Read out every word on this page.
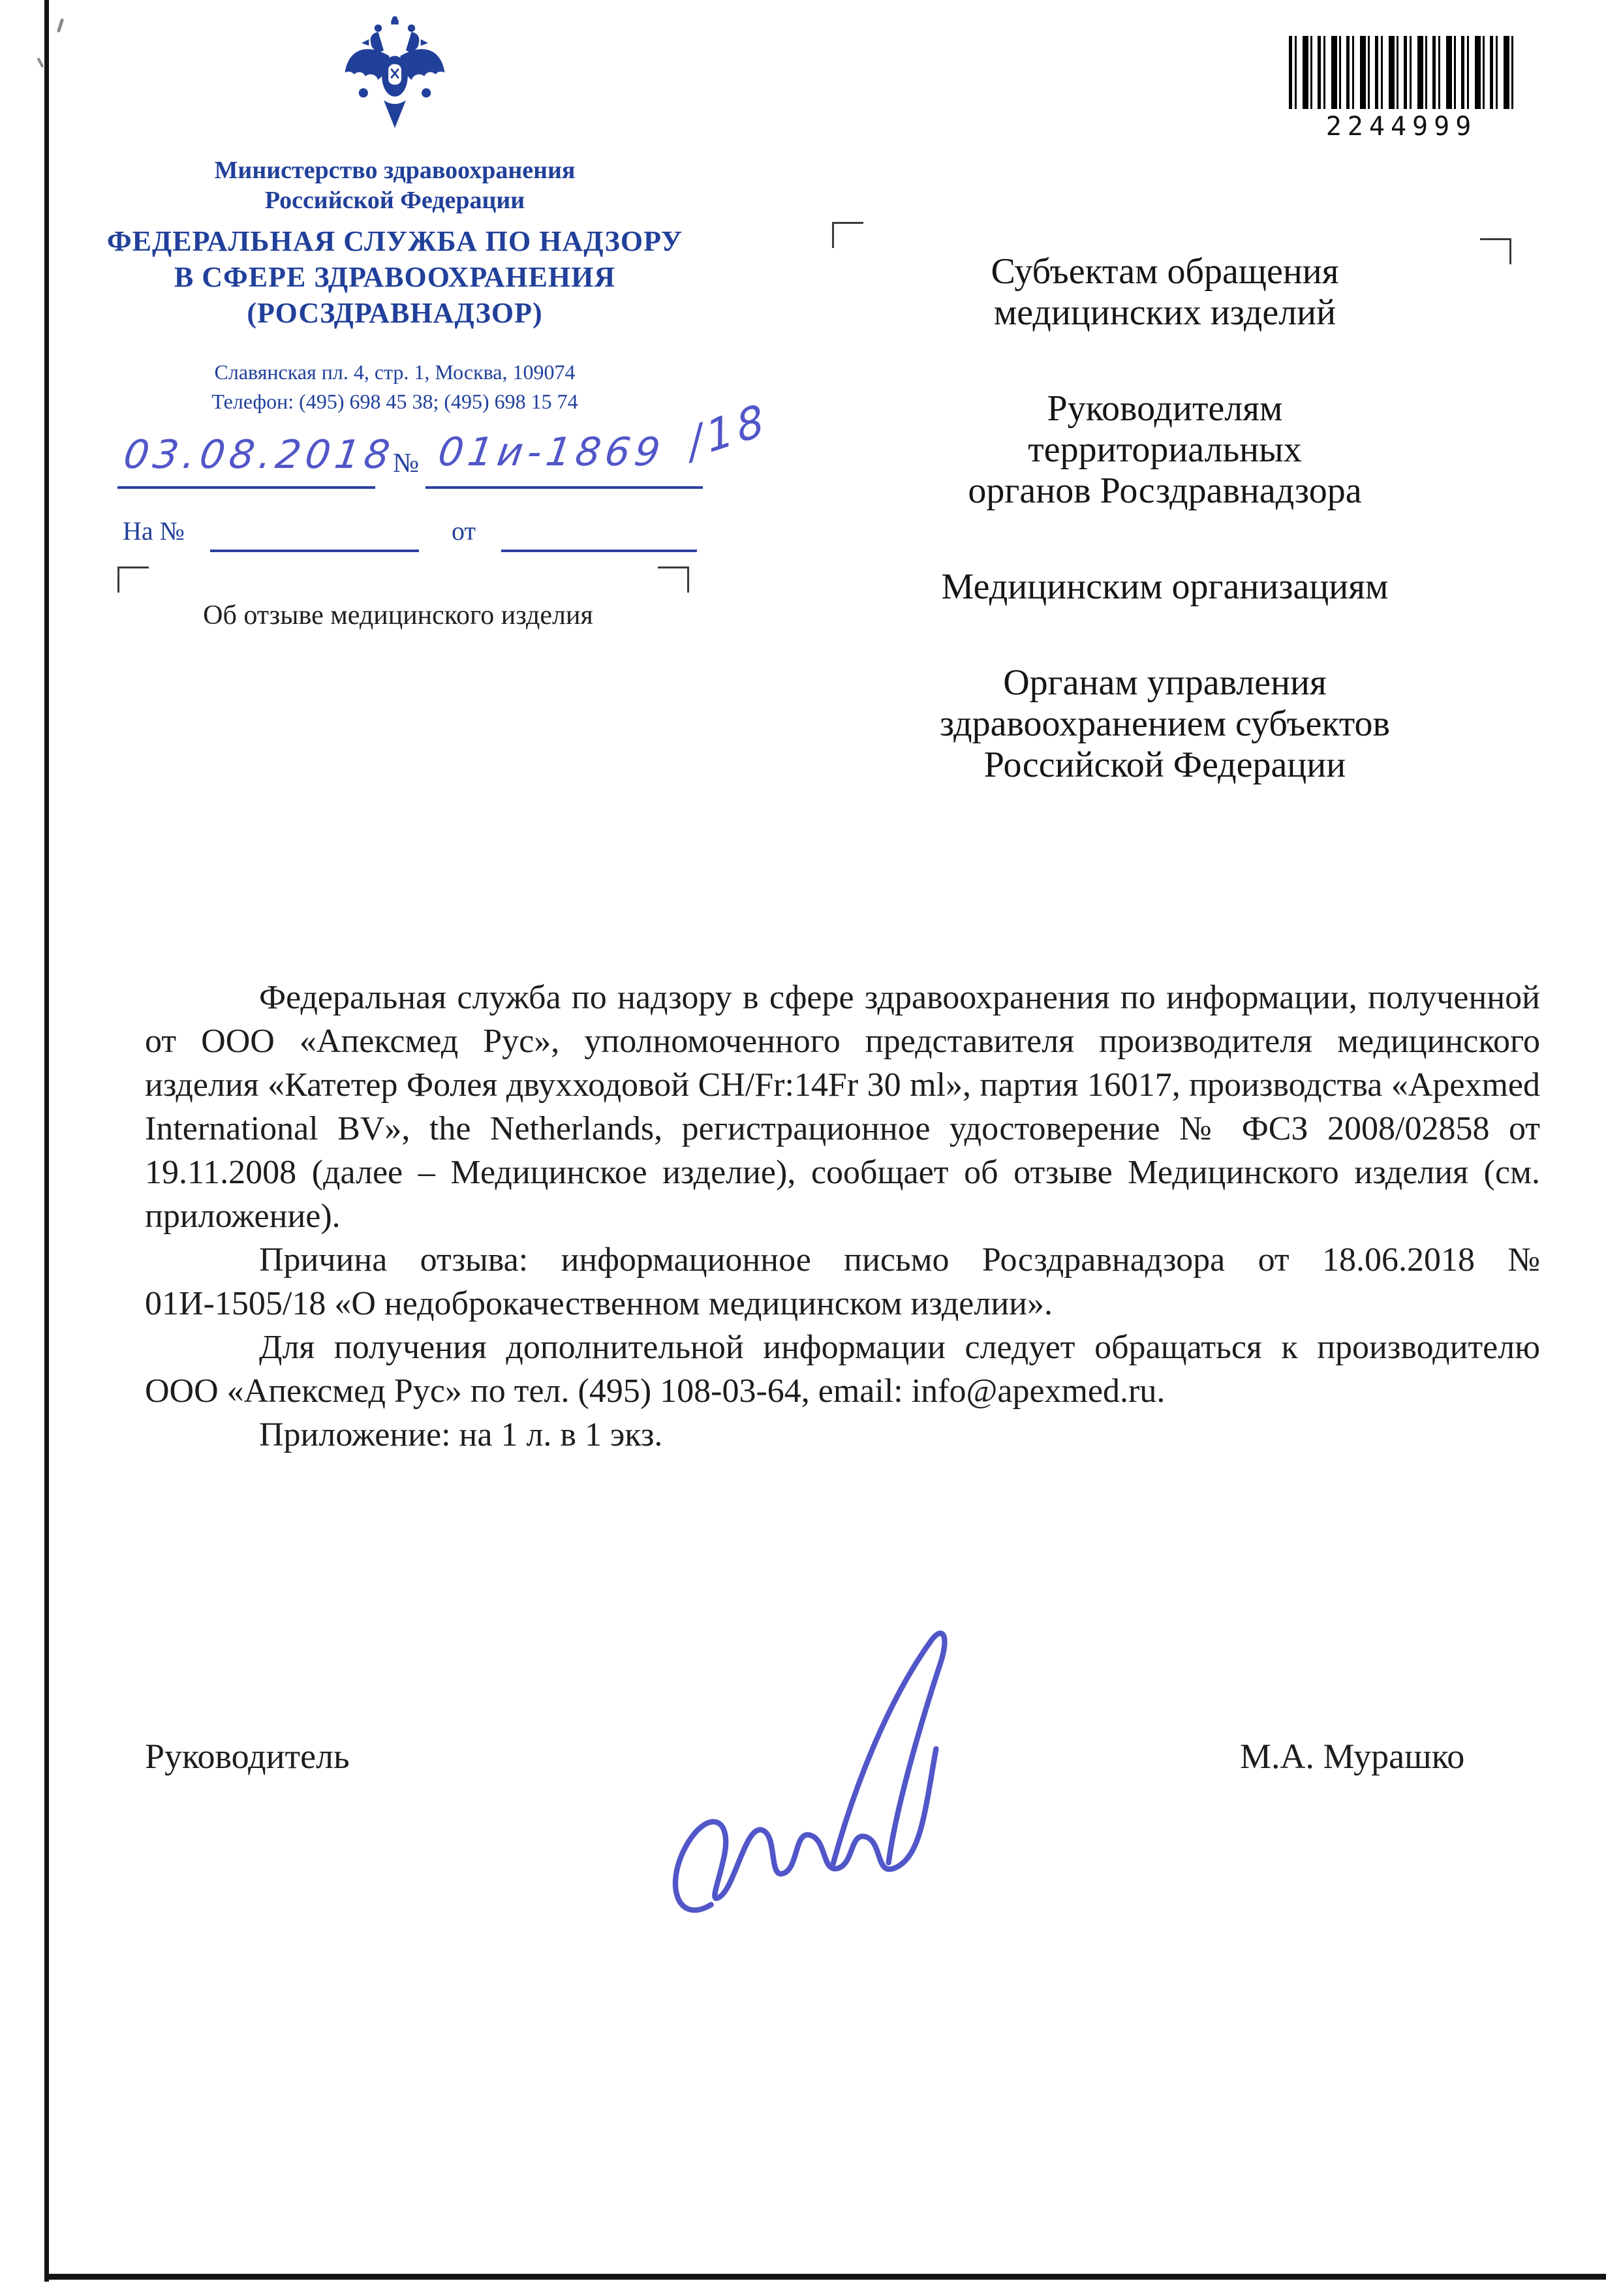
Министерство здравоохранения
Российской Федерации
ФЕДЕРАЛЬНАЯ СЛУЖБА ПО НАДЗОРУ
В СФЕРЕ ЗДРАВООХРАНЕНИЯ
(РОСЗДРАВНАДЗОР)
Славянская пл. 4, стр. 1, Москва, 109074
Телефон: (495) 698 45 38; (495) 698 15 74
03.08.2018
№ 01и-1869 /18
На №	от
Об отзыве медицинского изделия
2244999
Субъектам обращения
медицинских изделий
Руководителям
территориальных
органов Росздравнадзора
Медицинским организациям
Органам управления
здравоохранением субъектов
Российской Федерации

Федеральная служба по надзору в сфере здравоохранения по информации, полученной от ООО «Апексмед Рус», уполномоченного представителя производителя медицинского изделия «Катетер Фолея двухходовой CH/Fr:14Fr 30 ml», партия 16017, производства «Apexmed International BV», the Netherlands, регистрационное удостоверение № ФСЗ 2008/02858 от 19.11.2008 (далее – Медицинское изделие), сообщает об отзыве Медицинского изделия (см. приложение).

Причина отзыва: информационное письмо Росздравнадзора от 18.06.2018 № 01И-1505/18 «О недоброкачественном медицинском изделии».

Для получения дополнительной информации следует обращаться к производителю ООО «Апексмед Рус» по тел. (495) 108-03-64, email: info@apexmed.ru.

Приложение: на 1 л. в 1 экз.

Руководитель	М.А. Мурашко
